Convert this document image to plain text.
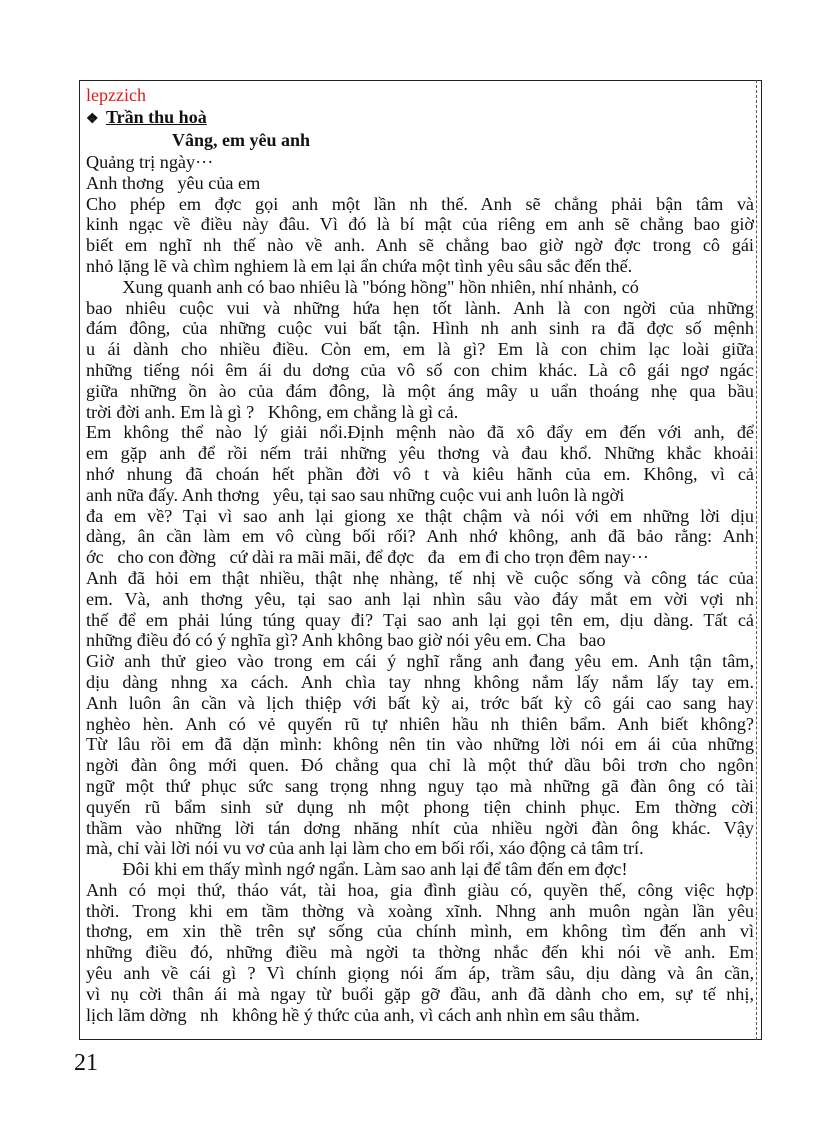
lepzzich
❖ Trần thu hoà
Vâng, em yêu anh
Quảng trị ngày···
Anh thơng   yêu của em
Cho phép em đợc gọi anh một lần nh thế. Anh sẽ chẳng phải bận tâm và
kinh ngạc về điều này đâu. Vì đó là bí mật của riêng em anh sẽ chẳng bao giờ
biết em nghĩ nh thế nào về anh. Anh sẽ chẳng bao giờ ngờ đợc trong cô gái
nhỏ lặng lẽ và chìm nghiem là em lại ẩn chứa một tình yêu sâu sắc đến thế.
Xung quanh anh có bao nhiêu là "bóng hồng" hồn nhiên, nhí nhảnh, có
bao nhiêu cuộc vui và những hứa hẹn tốt lành. Anh là con ngời của những
đám đông, của những cuộc vui bất tận. Hình nh anh sinh ra đã đợc số mệnh
u ái dành cho nhiều điều. Còn em, em là gì? Em là con chim lạc loài giữa
những tiếng nói êm ái du dơng của vô số con chim khác. Là cô gái ngơ ngác
giữa những ồn ào của đám đông, là một áng mây u uẩn thoáng nhẹ qua bầu
trời đời anh. Em là gì ?   Không, em chẳng là gì cả.
Em không thể nào lý giải nổi.Định mệnh nào đã xô đẩy em đến với anh, để
em gặp anh để rồi nếm trải những yêu thơng và đau khổ. Những khắc khoải
nhớ nhung đã choán hết phần đời vô t và kiêu hãnh của em. Không, vì cả
anh nữa đấy. Anh thơng   yêu, tại sao sau những cuộc vui anh luôn là ngời
đa em về? Tại vì sao anh lại giong xe thật chậm và nói với em những lời dịu
dàng, ân cần làm em vô cùng bối rối? Anh nhớ không, anh đã bảo rằng: Anh
ớc   cho con đờng   cứ dài ra mãi mãi, để đợc   đa   em đi cho trọn đêm nay···
Anh đã hỏi em thật nhiều, thật nhẹ nhàng, tế nhị về cuộc sống và công tác của
em. Và, anh thơng yêu, tại sao anh lại nhìn sâu vào đáy mắt em vời vợi nh
thế để em phải lúng túng quay đi? Tại sao anh lại gọi tên em, dịu dàng. Tất cả
những điều đó có ý nghĩa gì? Anh không bao giờ nói yêu em. Cha   bao
Giờ anh thử gieo vào trong em cái ý nghĩ rằng anh đang yêu em. Anh tận tâm,
dịu dàng nhng xa cách. Anh chìa tay nhng không nắm lấy nắm lấy tay em.
Anh luôn ân cần và lịch thiệp với bất kỳ ai, trớc bất kỳ cô gái cao sang hay
nghèo hèn. Anh có vẻ quyến rũ tự nhiên hầu nh thiên bẩm. Anh biết không?
Từ lâu rồi em đã dặn mình: không nên tin vào những lời nói em ái của những
ngời đàn ông mới quen. Đó chẳng qua chỉ là một thứ dầu bôi trơn cho ngôn
ngữ một thứ phục sức sang trọng nhng nguy tạo mà những gã đàn ông có tài
quyến rũ bẩm sinh sử dụng nh một phong tiện chinh phục. Em thờng cời
thầm vào những lời tán dơng nhăng nhít của nhiều ngời đàn ông khác. Vậy
mà, chỉ vài lời nói vu vơ của anh lại làm cho em bối rối, xáo động cả tâm trí.
Đôi khi em thấy mình ngớ ngẩn. Làm sao anh lại để tâm đến em đợc!
Anh có mọi thứ, tháo vát, tài hoa, gia đình giàu có, quyền thế, công việc hợp
thời. Trong khi em tầm thờng và xoàng xĩnh. Nhng anh muôn ngàn lần yêu
thơng, em xin thề trên sự sống của chính mình, em không tìm đến anh vì
những điều đó, những điều mà ngời ta thờng nhắc đến khi nói về anh. Em
yêu anh về cái gì ? Vì chính giọng nói ấm áp, trầm sâu, dịu dàng và ân cần,
vì nụ cời thân ái mà ngay từ buổi gặp gỡ đầu, anh đã dành cho em, sự tế nhị,
lịch lãm dờng   nh   không hề ý thức của anh, vì cách anh nhìn em sâu thẳm.
21
